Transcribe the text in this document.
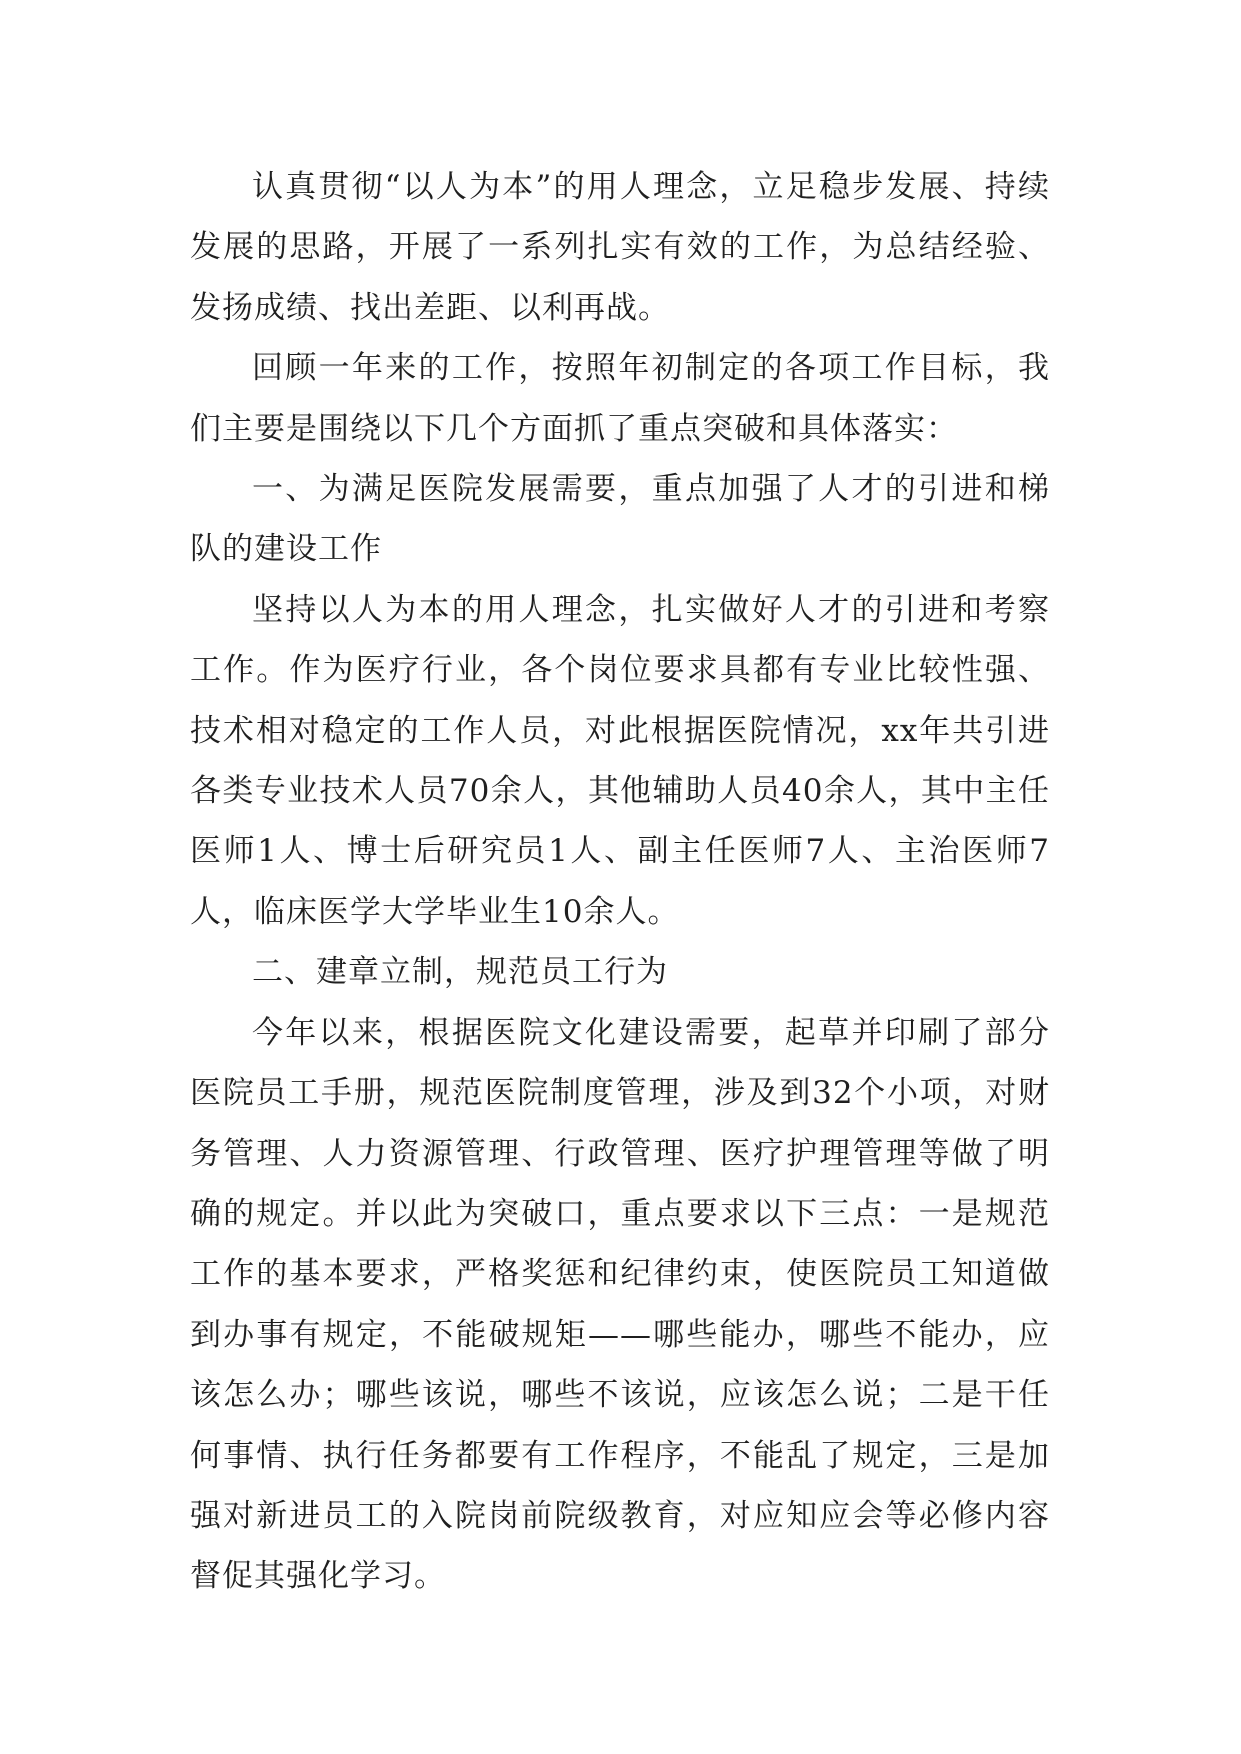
认真贯彻“以人为本”的用人理念，立足稳步发展、持续发展的思路，开展了一系列扎实有效的工作，为总结经验、发扬成绩、找出差距、以利再战。

回顾一年来的工作，按照年初制定的各项工作目标，我们主要是围绕以下几个方面抓了重点突破和具体落实：

一、为满足医院发展需要，重点加强了人才的引进和梯队的建设工作

坚持以人为本的用人理念，扎实做好人才的引进和考察工作。作为医疗行业，各个岗位要求具都有专业比较性强、技术相对稳定的工作人员，对此根据医院情况，xx年共引进各类专业技术人员70余人，其他辅助人员40余人，其中主任医师1人、博士后研究员1人、副主任医师7人、主治医师7人，临床医学大学毕业生10余人。

二、建章立制，规范员工行为

今年以来，根据医院文化建设需要，起草并印刷了部分医院员工手册，规范医院制度管理，涉及到32个小项，对财务管理、人力资源管理、行政管理、医疗护理管理等做了明确的规定。并以此为突破口，重点要求以下三点：一是规范工作的基本要求，严格奖惩和纪律约束，使医院员工知道做到办事有规定，不能破规矩——哪些能办，哪些不能办，应该怎么办；哪些该说，哪些不该说，应该怎么说；二是干任何事情、执行任务都要有工作程序，不能乱了规定，三是加强对新进员工的入院岗前院级教育，对应知应会等必修内容督促其强化学习。
